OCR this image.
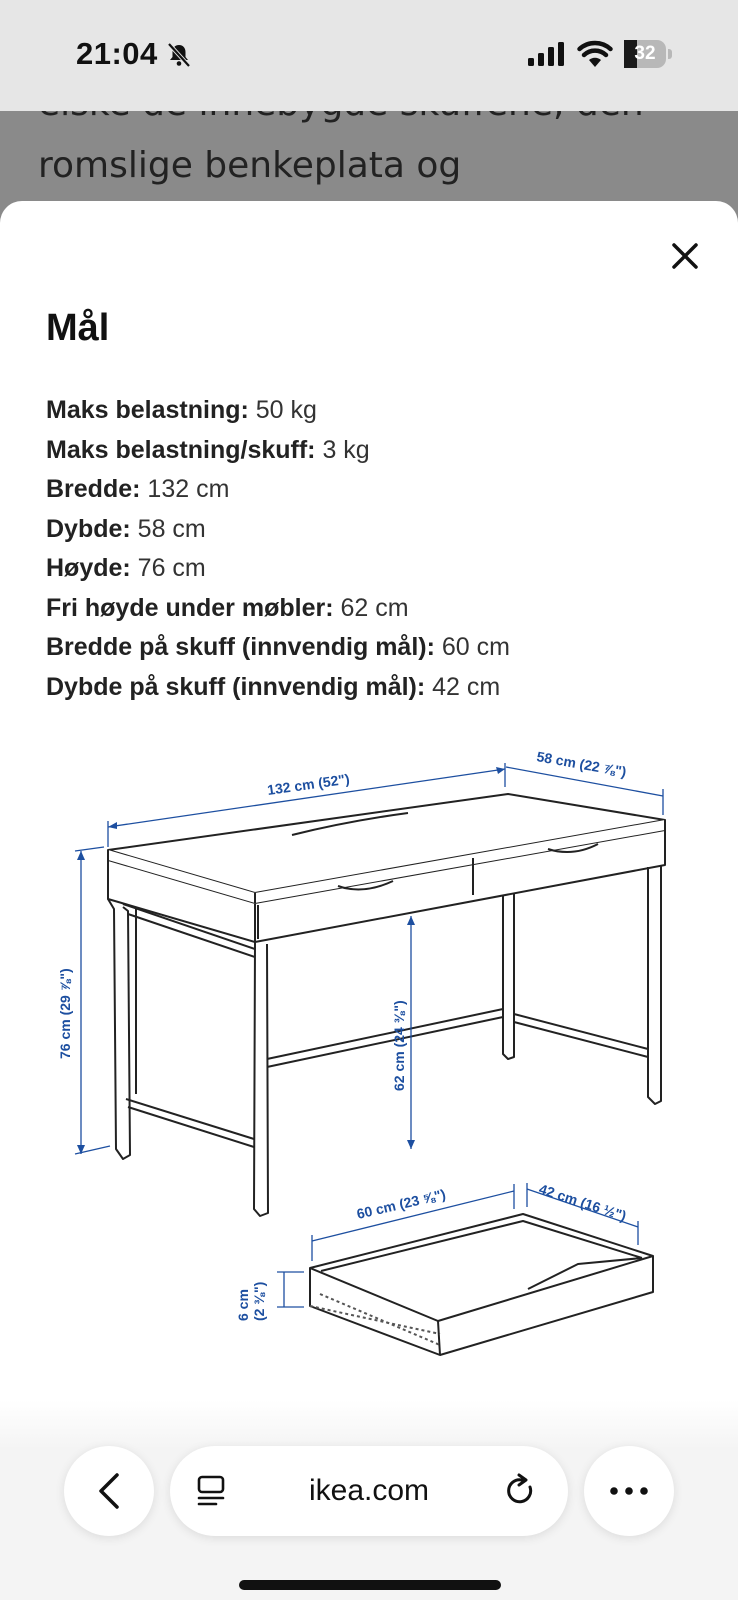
21:04	32
romslige benkeplata og
Mål
Maks belastning: 50 kg
Maks belastning/skuff: 3 kg
Bredde: 132 cm
Dybde: 58 cm
Høyde: 76 cm
Fri høyde under møbler: 62 cm
Bredde på skuff (innvendig mål): 60 cm
Dybde på skuff (innvendig mål): 42 cm
132 cm (52")
58 cm (22 ⅞")
76 cm (29 ⅞")	62 cm (24 ⅜")
60 cm (23 ⅝")	42 cm (16 ½")
6 cm (2 ⅜")
ikea.com
